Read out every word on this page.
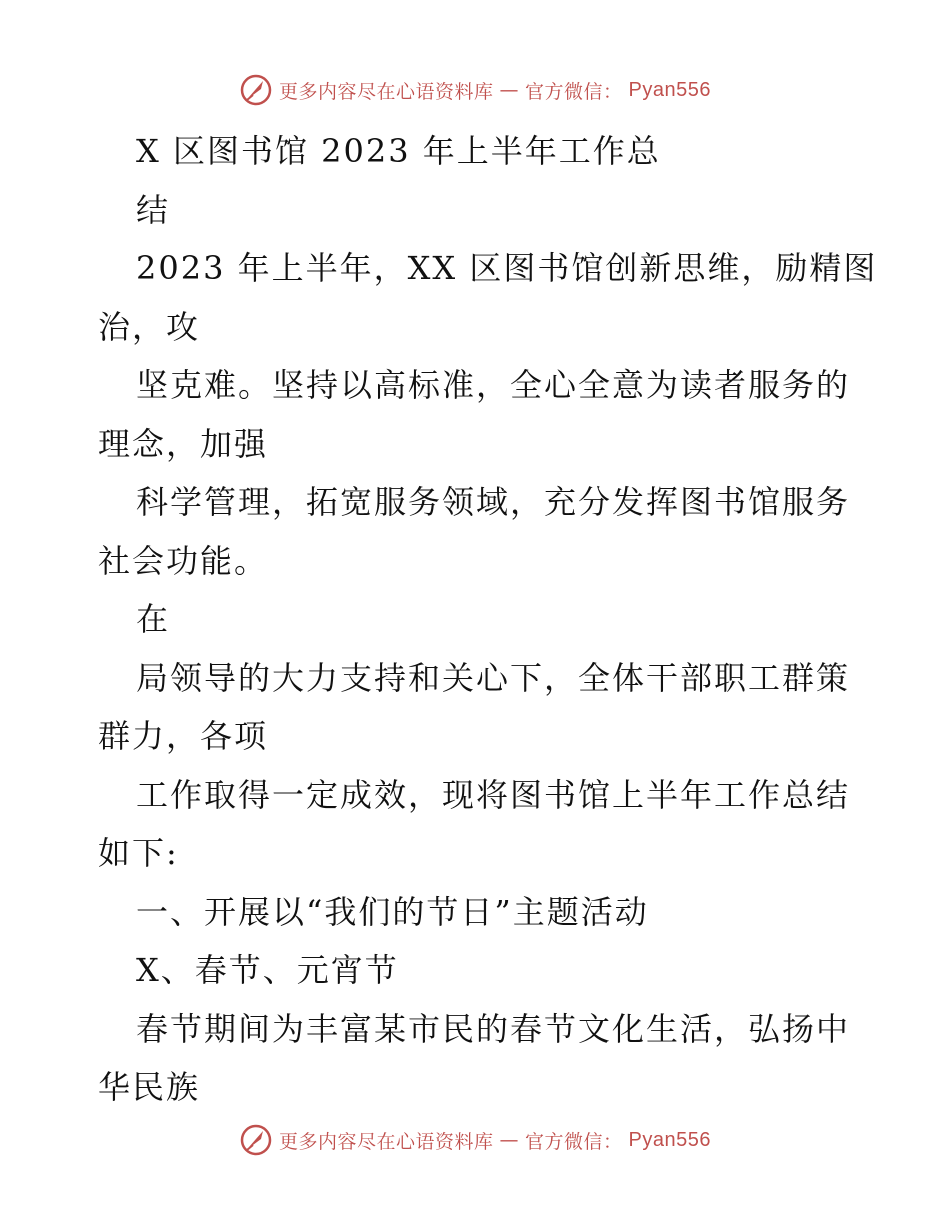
更多内容尽在心语资料库 — 官方微信： Pyan556
X 区图书馆 2023 年上半年工作总
结
2023 年上半年，XX 区图书馆创新思维，励精图
治，攻
坚克难。坚持以高标准，全心全意为读者服务的
理念，加强
科学管理，拓宽服务领域，充分发挥图书馆服务
社会功能。
在
局领导的大力支持和关心下，全体干部职工群策
群力，各项
工作取得一定成效，现将图书馆上半年工作总结
如下:
一、开展以“我们的节日”主题活动
X、春节、元宵节
春节期间为丰富某市民的春节文化生活，弘扬中
华民族
更多内容尽在心语资料库 — 官方微信： Pyan556
